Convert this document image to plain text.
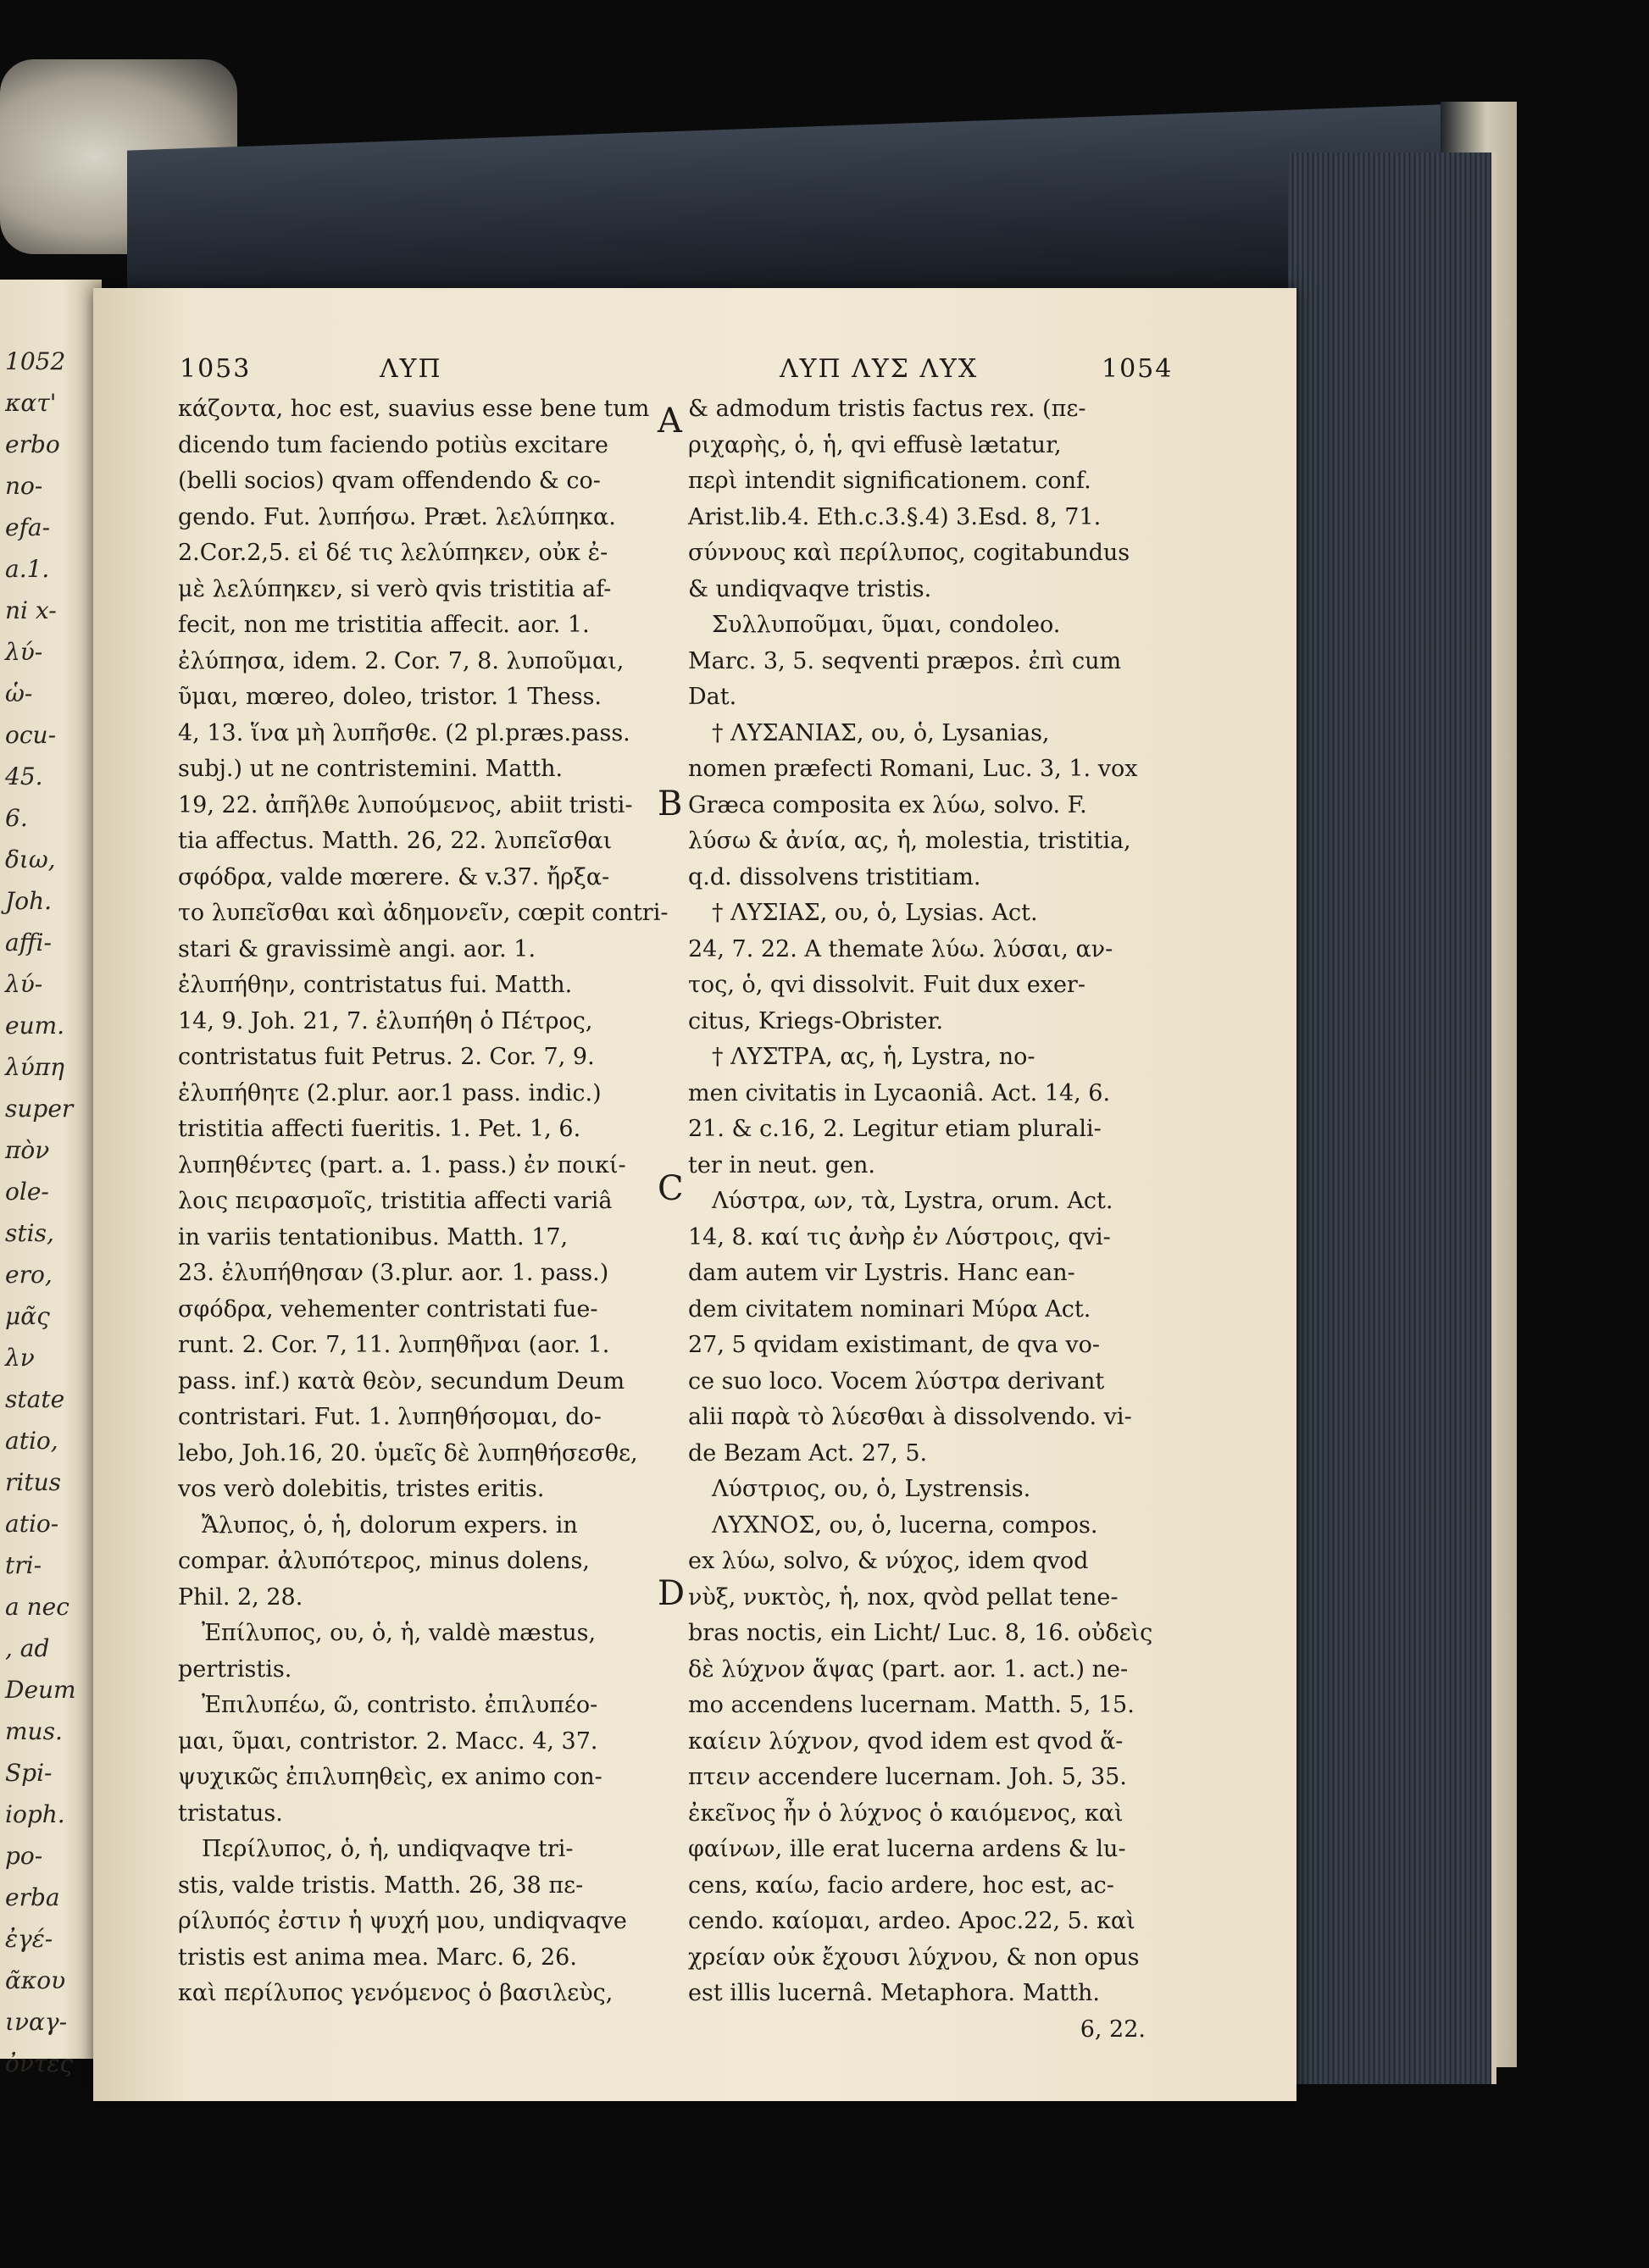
1052
κατ'
erbo
no-
efa-
a.1.
ni x-
λύ-
ὡ-
ocu-
45.
6.
διω,
Joh.
affi-
λύ-
eum.
λύπη
super
πὸν
ole-
stis,
ero,
μᾶς
λν
state
atio,
ritus
atio-
tri-
a nec
, ad
Deum
mus.
Spi-
ioph.
po-
erba
ἐγέ-
ᾶκου
ιναγ-
ὀντες
1053	ΛΥΠ	ΛΥΠ ΛΥΣ ΛΥΧ	1054
A
B
C
D

κάζοντα, hoc est, suavius esse bene tum

dicendo tum faciendo potiùs excitare

(belli socios) qvam offendendo & co-

gendo. Fut. λυπήσω. Præt. λελύπηκα.

2.Cor.2,5. εἰ δέ τις λελύπηκεν, οὐκ ἐ-

μὲ λελύπηκεν, si verò qvis tristitia af-

fecit, non me tristitia affecit. aor. 1.

ἐλύπησα, idem. 2. Cor. 7, 8. λυποῦμαι,

ῦμαι, mœreo, doleo, tristor. 1 Thess.

4, 13. ἵνα μὴ λυπῆσθε. (2 pl.præs.pass.

subj.) ut ne contristemini. Matth.

19, 22. ἀπῆλθε λυπούμενος, abiit tristi-

tia affectus. Matth. 26, 22. λυπεῖσθαι

σφόδρα, valde mœrere. & v.37. ἤρξα-

το λυπεῖσθαι καὶ ἀδημονεῖν, cœpit contri-

stari & gravissimè angi. aor. 1.

ἐλυπήθην, contristatus fui. Matth.

14, 9. Joh. 21, 7. ἐλυπήθη ὁ Πέτρος,

contristatus fuit Petrus. 2. Cor. 7, 9.

ἐλυπήθητε (2.plur. aor.1 pass. indic.)

tristitia affecti fueritis. 1. Pet. 1, 6.

λυπηθέντες (part. a. 1. pass.) ἐν ποικί-

λοις πειρασμοῖς, tristitia affecti variâ

in variis tentationibus. Matth. 17,

23. ἐλυπήθησαν (3.plur. aor. 1. pass.)

σφόδρα, vehementer contristati fue-

runt. 2. Cor. 7, 11. λυπηθῆναι (aor. 1.

pass. inf.) κατὰ θεὸν, secundum Deum

contristari. Fut. 1. λυπηθήσομαι, do-

lebo, Joh.16, 20. ὑμεῖς δὲ λυπηθήσεσθε,

vos verò dolebitis, tristes eritis.

Ἄλυπος, ὁ, ἡ, dolorum expers. in

compar. ἀλυπότερος, minus dolens,

Phil. 2, 28.

Ἐπίλυπος, ου, ὁ, ἡ, valdè mæstus,

pertristis.

Ἐπιλυπέω, ῶ, contristo. ἐπιλυπέο-

μαι, ῦμαι, contristor. 2. Macc. 4, 37.

ψυχικῶς ἐπιλυπηθεὶς, ex animo con-

tristatus.

Περίλυπος, ὁ, ἡ, undiqvaqve tri-

stis, valde tristis. Matth. 26, 38 πε-

ρίλυπός ἐστιν ἡ ψυχή μου, undiqvaqve

tristis est anima mea. Marc. 6, 26.

καὶ περίλυπος γενόμενος ὁ βασιλεὺς,

& admodum tristis factus rex. (πε-

ριχαρὴς, ὁ, ἡ, qvi effusè lætatur,

περὶ intendit significationem. conf.

Arist.lib.4. Eth.c.3.§.4) 3.Esd. 8, 71.

σύννους καὶ περίλυπος, cogitabundus

& undiqvaqve tristis.

Συλλυποῦμαι, ῦμαι, condoleo.

Marc. 3, 5. seqventi præpos. ἐπὶ cum

Dat.

† ΛΥΣΑΝΙΑΣ, ου, ὁ, Lysanias,

nomen præfecti Romani, Luc. 3, 1. vox

Græca composita ex λύω, solvo. F.

λύσω & ἀνία, ας, ἡ, molestia, tristitia,

q.d. dissolvens tristitiam.

† ΛΥΣΙΑΣ, ου, ὁ, Lysias. Act.

24, 7. 22. A themate λύω. λύσαι, αν-

τος, ὁ, qvi dissolvit. Fuit dux exer-

citus, Kriegs-Obrister.

† ΛΥΣΤΡΑ, ας, ἡ, Lystra, no-

men civitatis in Lycaoniâ. Act. 14, 6.

21. & c.16, 2. Legitur etiam plurali-

ter in neut. gen.

Λύστρα, ων, τὰ, Lystra, orum. Act.

14, 8. καί τις ἀνὴρ ἐν Λύστροις, qvi-

dam autem vir Lystris. Hanc ean-

dem civitatem nominari Μύρα Act.

27, 5 qvidam existimant, de qva vo-

ce suo loco. Vocem λύστρα derivant

alii παρὰ τὸ λύεσθαι à dissolvendo. vi-

de Bezam Act. 27, 5.

Λύστριος, ου, ὁ, Lystrensis.

ΛΥΧΝΟΣ, ου, ὁ, lucerna, compos.

ex λύω, solvo, & νύχος, idem qvod

νὺξ, νυκτὸς, ἡ, nox, qvòd pellat tene-

bras noctis, ein Licht/ Luc. 8, 16. οὐδεὶς

δὲ λύχνον ἅψας (part. aor. 1. act.) ne-

mo accendens lucernam. Matth. 5, 15.

καίειν λύχνον, qvod idem est qvod ἅ-

πτειν accendere lucernam. Joh. 5, 35.

ἐκεῖνος ἦν ὁ λύχνος ὁ καιόμενος, καὶ

φαίνων, ille erat lucerna ardens & lu-

cens, καίω, facio ardere, hoc est, ac-

cendo. καίομαι, ardeo. Apoc.22, 5. καὶ

χρείαν οὐκ ἔχουσι λύχνου, & non opus

est illis lucernâ. Metaphora. Matth.

6, 22.
